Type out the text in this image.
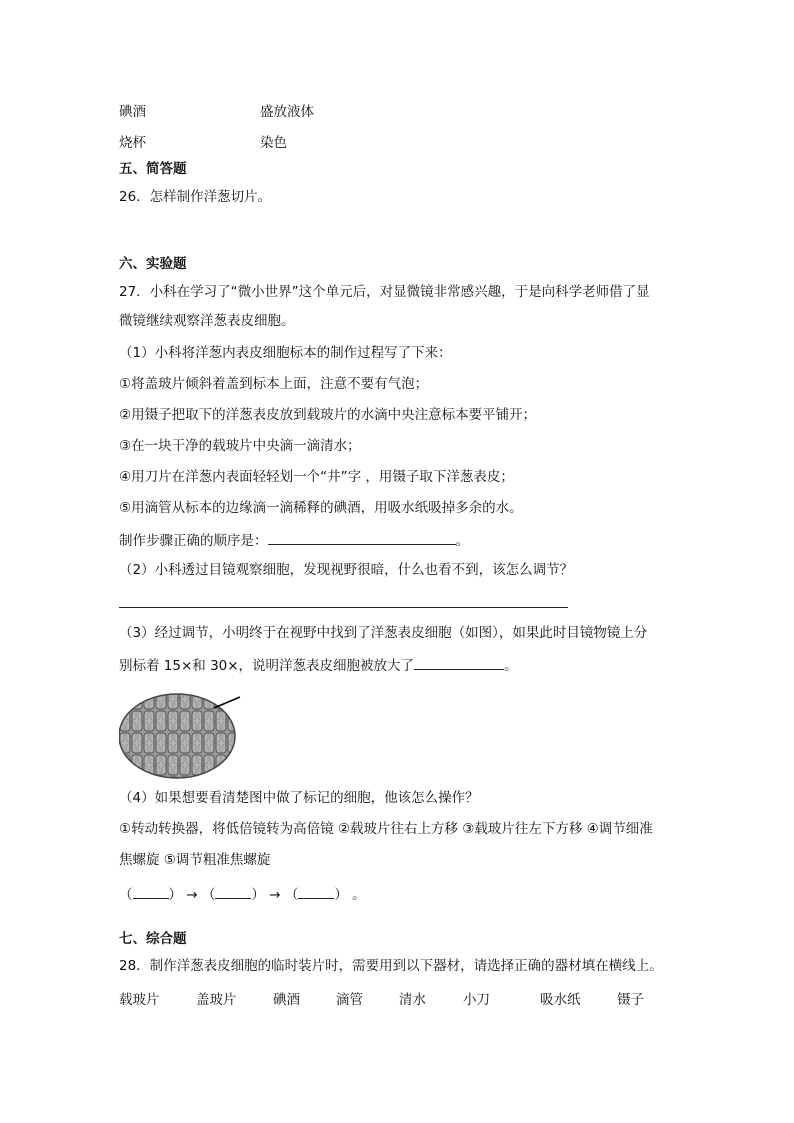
碘酒	盛放液体
烧杯	染色
五、简答题
26．怎样制作洋葱切片。
六、实验题
27．小科在学习了“微小世界”这个单元后，对显微镜非常感兴趣，于是向科学老师借了显
微镜继续观察洋葱表皮细胞。
（1）小科将洋葱内表皮细胞标本的制作过程写了下来：
①将盖玻片倾斜着盖到标本上面，注意不要有气泡；
②用镊子把取下的洋葱表皮放到载玻片的水滴中央注意标本要平铺开；
③在一块干净的载玻片中央滴一滴清水；
④用刀片在洋葱内表面轻轻划一个“井”字 ，用镊子取下洋葱表皮；
⑤用滴管从标本的边缘滴一滴稀释的碘酒，用吸水纸吸掉多余的水。
制作步骤正确的顺序是：	。
（2）小科透过目镜观察细胞，发现视野很暗，什么也看不到，该怎么调节？
（3）经过调节，小明终于在视野中找到了洋葱表皮细胞（如图），如果此时目镜物镜上分
别标着 15×和 30×，说明洋葱表皮细胞被放大了	。
（4）如果想要看清楚图中做了标记的细胞，他该怎么操作？
①转动转换器，将低倍镜转为高倍镜 ②载玻片往右上方移 ③载玻片往左下方移 ④调节细准
焦螺旋 ⑤调节粗准焦螺旋
（	） → （	） → （	） 。
七、综合题
28．制作洋葱表皮细胞的临时装片时，需要用到以下器材，请选择正确的器材填在横线上。
载玻片	盖玻片	碘酒	滴管	清水	小刀	吸水纸	镊子
